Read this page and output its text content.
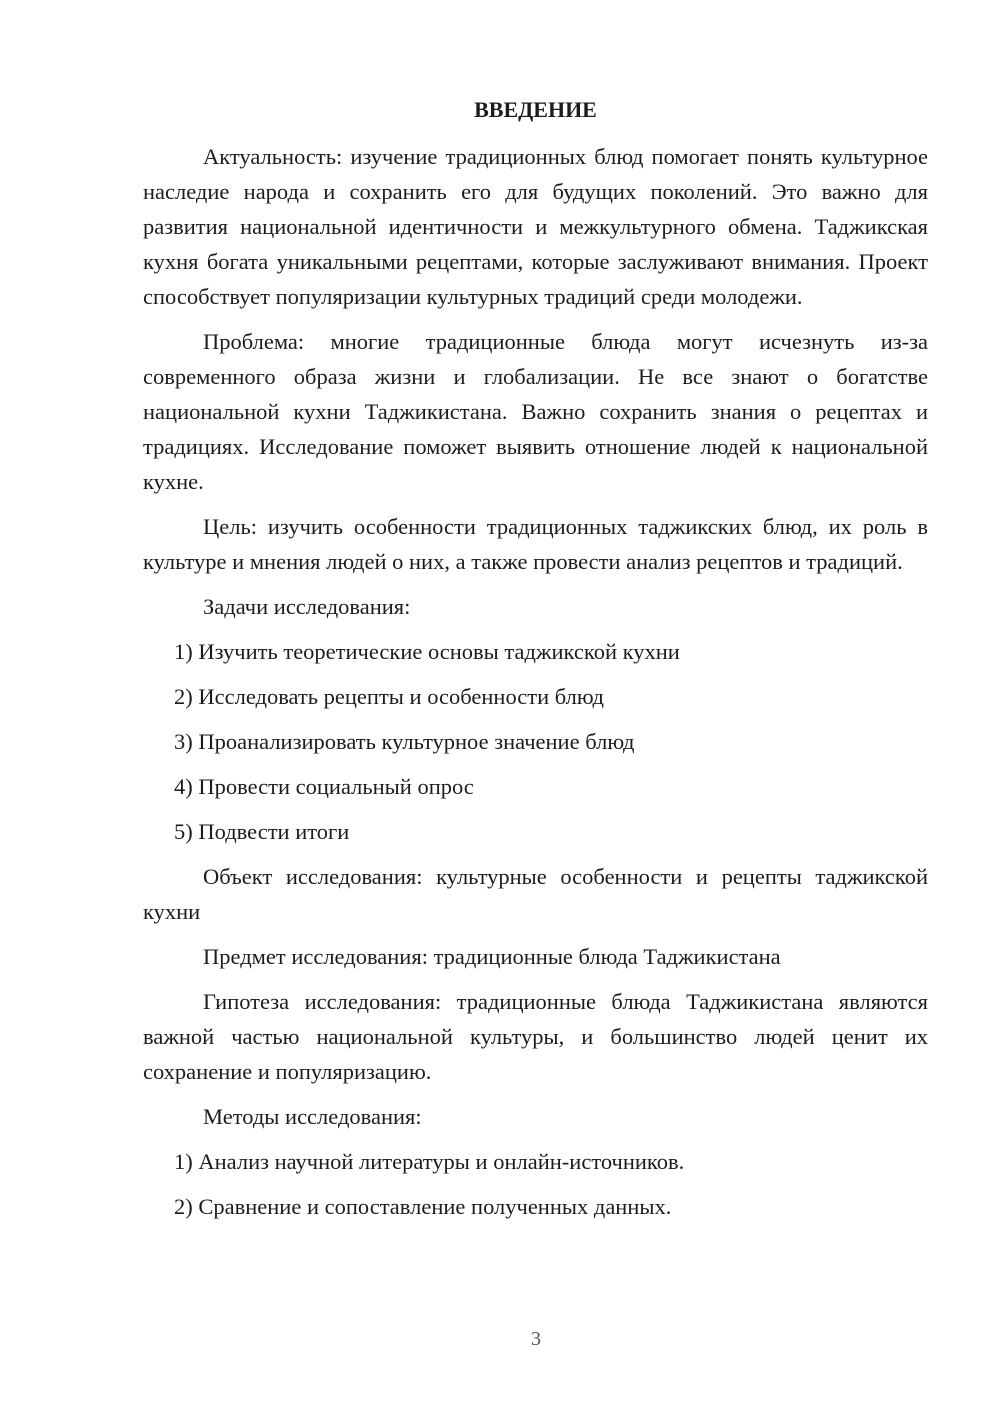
ВВЕДЕНИЕ

Актуальность: изучение традиционных блюд помогает понять культурное наследие народа и сохранить его для будущих поколений. Это важно для развития национальной идентичности и межкультурного обмена. Таджикская кухня богата уникальными рецептами, которые заслуживают внимания. Проект способствует популяризации культурных традиций среди молодежи.

Проблема: многие традиционные блюда могут исчезнуть из-за современного образа жизни и глобализации. Не все знают о богатстве национальной кухни Таджикистана. Важно сохранить знания о рецептах и традициях. Исследование поможет выявить отношение людей к национальной кухне.

Цель: изучить особенности традиционных таджикских блюд, их роль в культуре и мнения людей о них, а также провести анализ рецептов и традиций.

Задачи исследования:

1) Изучить теоретические основы таджикской кухни

2) Исследовать рецепты и особенности блюд

3) Проанализировать культурное значение блюд

4) Провести социальный опрос

5) Подвести итоги

Объект исследования: культурные особенности и рецепты таджикской кухни

Предмет исследования: традиционные блюда Таджикистана

Гипотеза исследования: традиционные блюда Таджикистана являются важной частью национальной культуры, и большинство людей ценит их сохранение и популяризацию.

Методы исследования:

1) Анализ научной литературы и онлайн-источников.

2) Сравнение и сопоставление полученных данных.

3
